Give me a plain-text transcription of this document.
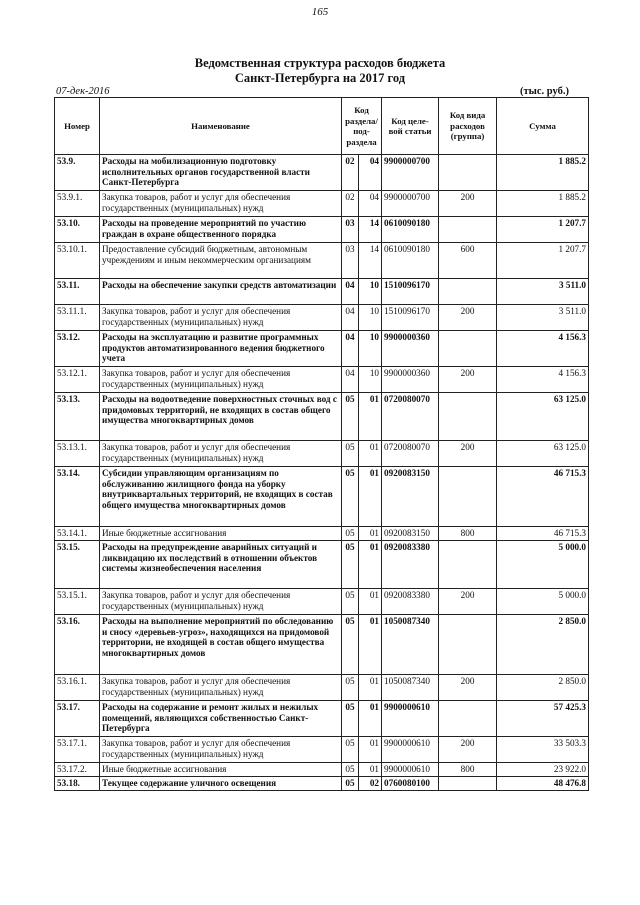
165
Ведомственная структура расходов бюджета
Санкт-Петербурга на 2017 год
07-дек-2016	(тыс. руб.)
Номер	Наименование	Код раздела/ под- раздела		Код целе- вой статьи	Код вида расходов (группа)	Сумма
53.9.	Расходы на мобилизационную подготовку исполнительных органов государственной власти Санкт-Петербурга	02	04	9900000700		1 885.2
53.9.1.	Закупка товаров, работ и услуг для обеспечения государственных (муниципальных) нужд	02	04	9900000700	200	1 885.2
53.10.	Расходы на проведение мероприятий по участию граждан в охране общественного порядка	03	14	0610090180		1 207.7
53.10.1.	Предоставление субсидий бюджетным, автономным учреждениям и иным некоммерческим организациям	03	14	0610090180	600	1 207.7
53.11.	Расходы на обеспечение закупки средств автоматизации	04	10	1510096170		3 511.0
53.11.1.	Закупка товаров, работ и услуг для обеспечения государственных (муниципальных) нужд	04	10	1510096170	200	3 511.0
53.12.	Расходы на эксплуатацию и развитие программных продуктов автоматизированного ведения бюджетного учета	04	10	9900000360		4 156.3
53.12.1.	Закупка товаров, работ и услуг для обеспечения государственных (муниципальных) нужд	04	10	9900000360	200	4 156.3
53.13.	Расходы на водоотведение поверхностных сточных вод с придомовых территорий, не входящих в состав общего имущества многоквартирных домов	05	01	0720080070		63 125.0
53.13.1.	Закупка товаров, работ и услуг для обеспечения государственных (муниципальных) нужд	05	01	0720080070	200	63 125.0
53.14.	Субсидии управляющим организациям по обслуживанию жилищного фонда на уборку внутриквартальных территорий, не входящих в состав общего имущества многоквартирных домов	05	01	0920083150		46 715.3
53.14.1.	Иные бюджетные ассигнования	05	01	0920083150	800	46 715.3
53.15.	Расходы на предупреждение аварийных ситуаций и ликвидацию их последствий в отношении объектов системы жизнеобеспечения населения	05	01	0920083380		5 000.0
53.15.1.	Закупка товаров, работ и услуг для обеспечения государственных (муниципальных) нужд	05	01	0920083380	200	5 000.0
53.16.	Расходы на выполнение мероприятий по обследованию и сносу «деревьев-угроз», находящихся на придомовой территории, не входящей в состав общего имущества многоквартирных домов	05	01	1050087340		2 850.0
53.16.1.	Закупка товаров, работ и услуг для обеспечения государственных (муниципальных) нужд	05	01	1050087340	200	2 850.0
53.17.	Расходы на содержание и ремонт жилых и нежилых помещений, являющихся собственностью Санкт-Петербурга	05	01	9900000610		57 425.3
53.17.1.	Закупка товаров, работ и услуг для обеспечения государственных (муниципальных) нужд	05	01	9900000610	200	33 503.3
53.17.2.	Иные бюджетные ассигнования	05	01	9900000610	800	23 922.0
53.18.	Текущее содержание уличного освещения	05	02	0760080100		48 476.8
